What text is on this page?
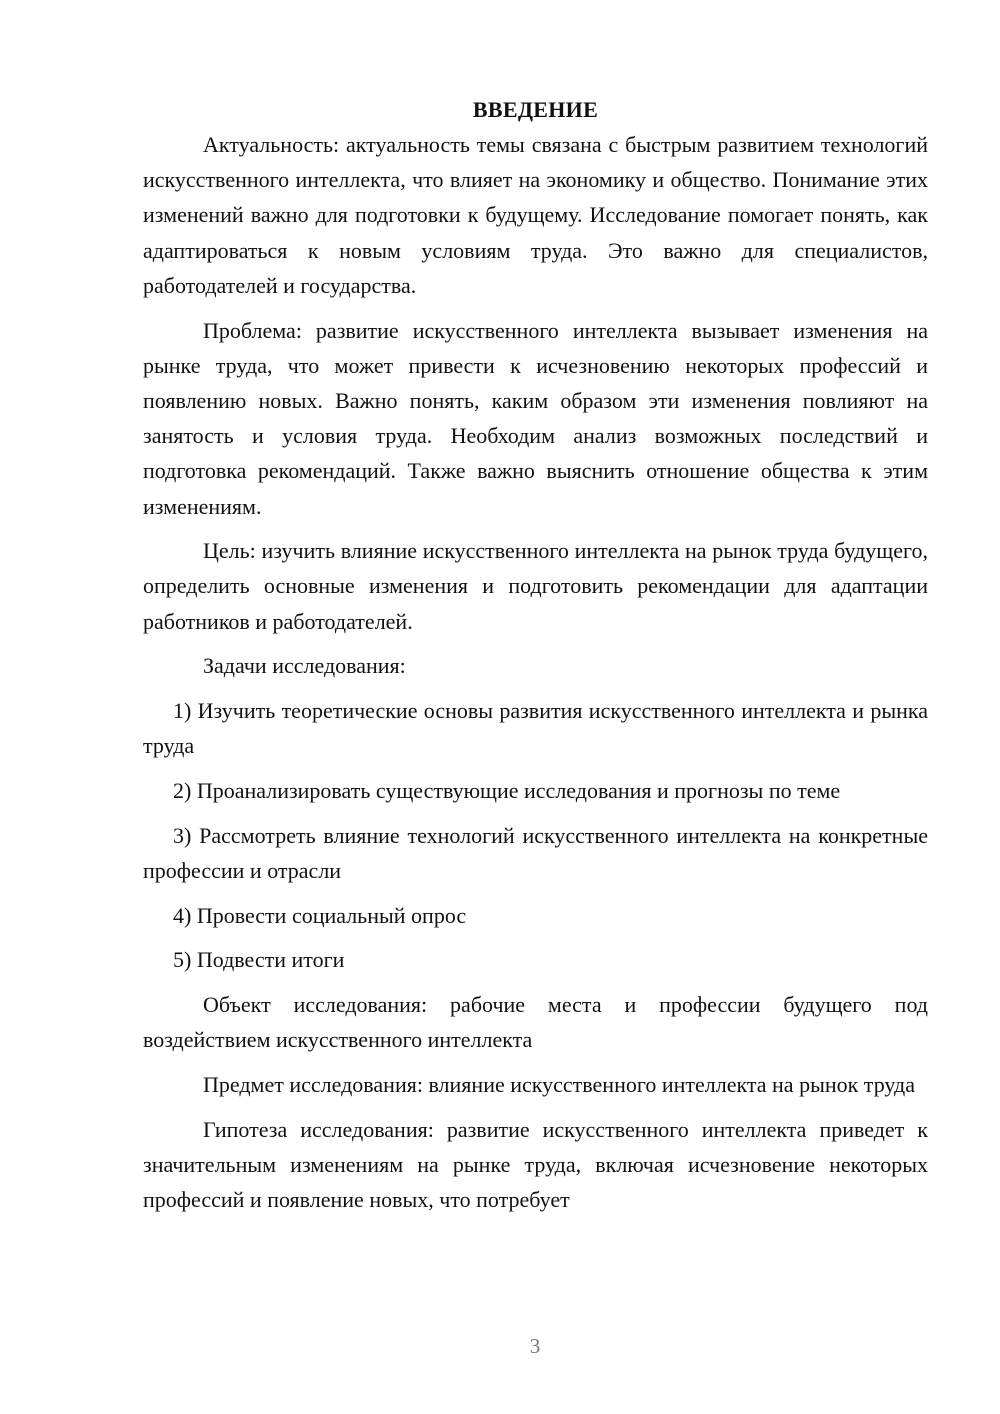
ВВЕДЕНИЕ

Актуальность: актуальность темы связана с быстрым развитием технологий искусственного интеллекта, что влияет на экономику и общество. Понимание этих изменений важно для подготовки к будущему. Исследование помогает понять, как адаптироваться к новым условиям труда. Это важно для специалистов, работодателей и государства.

Проблема: развитие искусственного интеллекта вызывает изменения на рынке труда, что может привести к исчезновению некоторых профессий и появлению новых. Важно понять, каким образом эти изменения повлияют на занятость и условия труда. Необходим анализ возможных последствий и подготовка рекомендаций. Также важно выяснить отношение общества к этим изменениям.

Цель: изучить влияние искусственного интеллекта на рынок труда будущего, определить основные изменения и подготовить рекомендации для адаптации работников и работодателей.

Задачи исследования:

1) Изучить теоретические основы развития искусственного интеллекта и рынка труда

2) Проанализировать существующие исследования и прогнозы по теме

3) Рассмотреть влияние технологий искусственного интеллекта на конкретные профессии и отрасли

4) Провести социальный опрос

5) Подвести итоги

Объект исследования: рабочие места и профессии будущего под воздействием искусственного интеллекта

Предмет исследования: влияние искусственного интеллекта на рынок труда

Гипотеза исследования: развитие искусственного интеллекта приведет к значительным изменениям на рынке труда, включая исчезновение некоторых профессий и появление новых, что потребует

3
